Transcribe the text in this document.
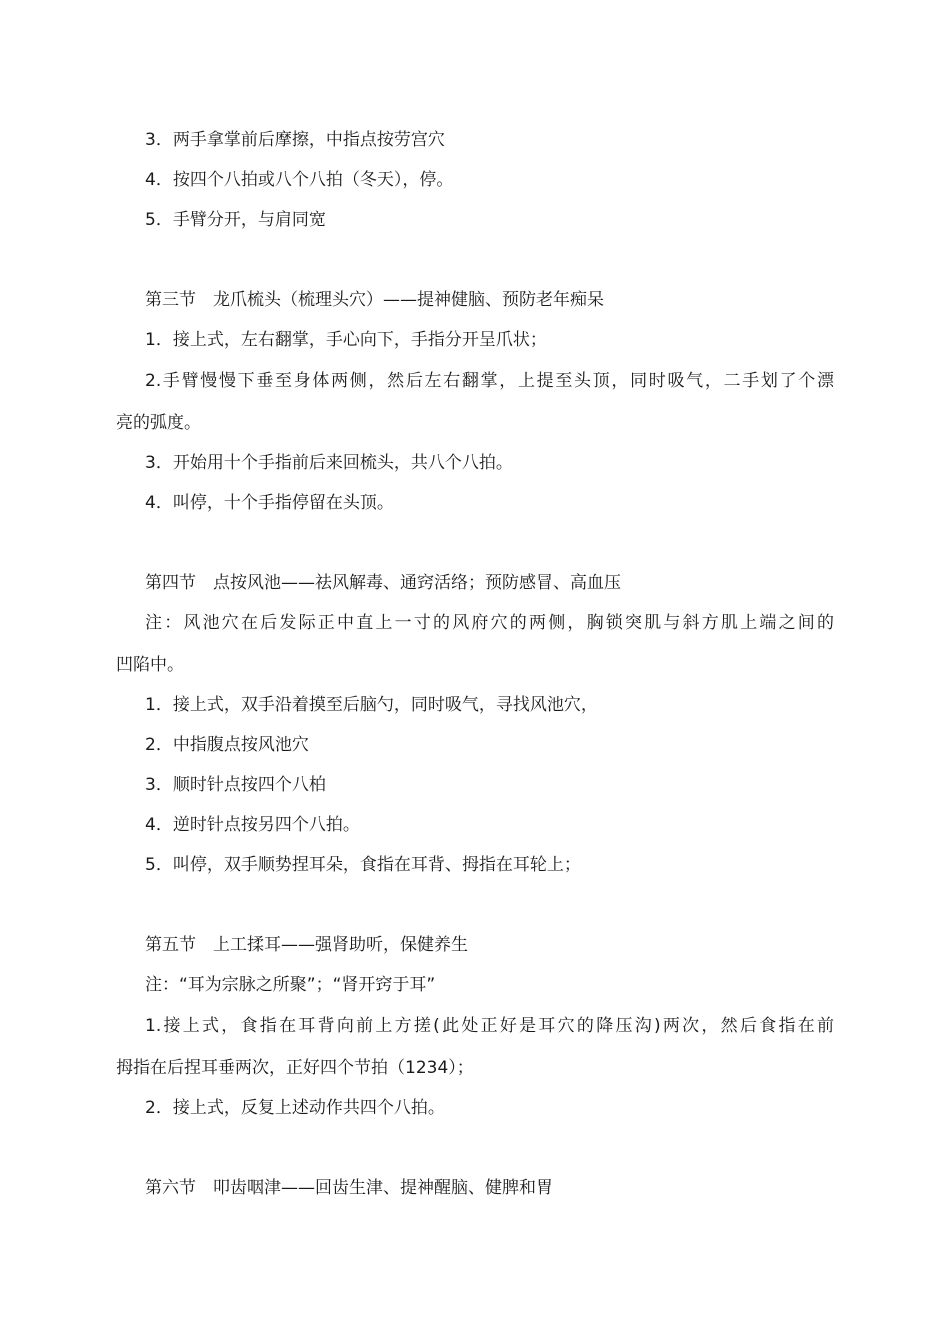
3．两手拿掌前后摩擦，中指点按劳宫穴
4．按四个八拍或八个八拍（冬天），停。
5．手臂分开，与肩同宽
第三节　龙爪梳头（梳理头穴）——提神健脑、预防老年痴呆
1．接上式，左右翻掌，手心向下，手指分开呈爪状；
2.手臂慢慢下垂至身体两侧，然后左右翻掌，上提至头顶，同时吸气，二手划了个漂
亮的弧度。
3．开始用十个手指前后来回梳头，共八个八拍。
4．叫停，十个手指停留在头顶。
第四节　点按风池——祛风解毒、通窍活络；预防感冒、高血压
注：风池穴在后发际正中直上一寸的风府穴的两侧，胸锁突肌与斜方肌上端之间的
凹陷中。
1．接上式，双手沿着摸至后脑勺，同时吸气，寻找风池穴，
2．中指腹点按风池穴
3．顺时针点按四个八柏
4．逆时针点按另四个八拍。
5．叫停，双手顺势捏耳朵，食指在耳背、拇指在耳轮上；
第五节　上工揉耳——强肾助听，保健养生
注：“耳为宗脉之所聚”；“肾开窍于耳”
1.接上式，食指在耳背向前上方搓(此处正好是耳穴的降压沟)两次，然后食指在前
拇指在后捏耳垂两次，正好四个节拍（1234）；
2．接上式，反复上述动作共四个八拍。
第六节　叩齿咽津——回齿生津、提神醒脑、健脾和胃
